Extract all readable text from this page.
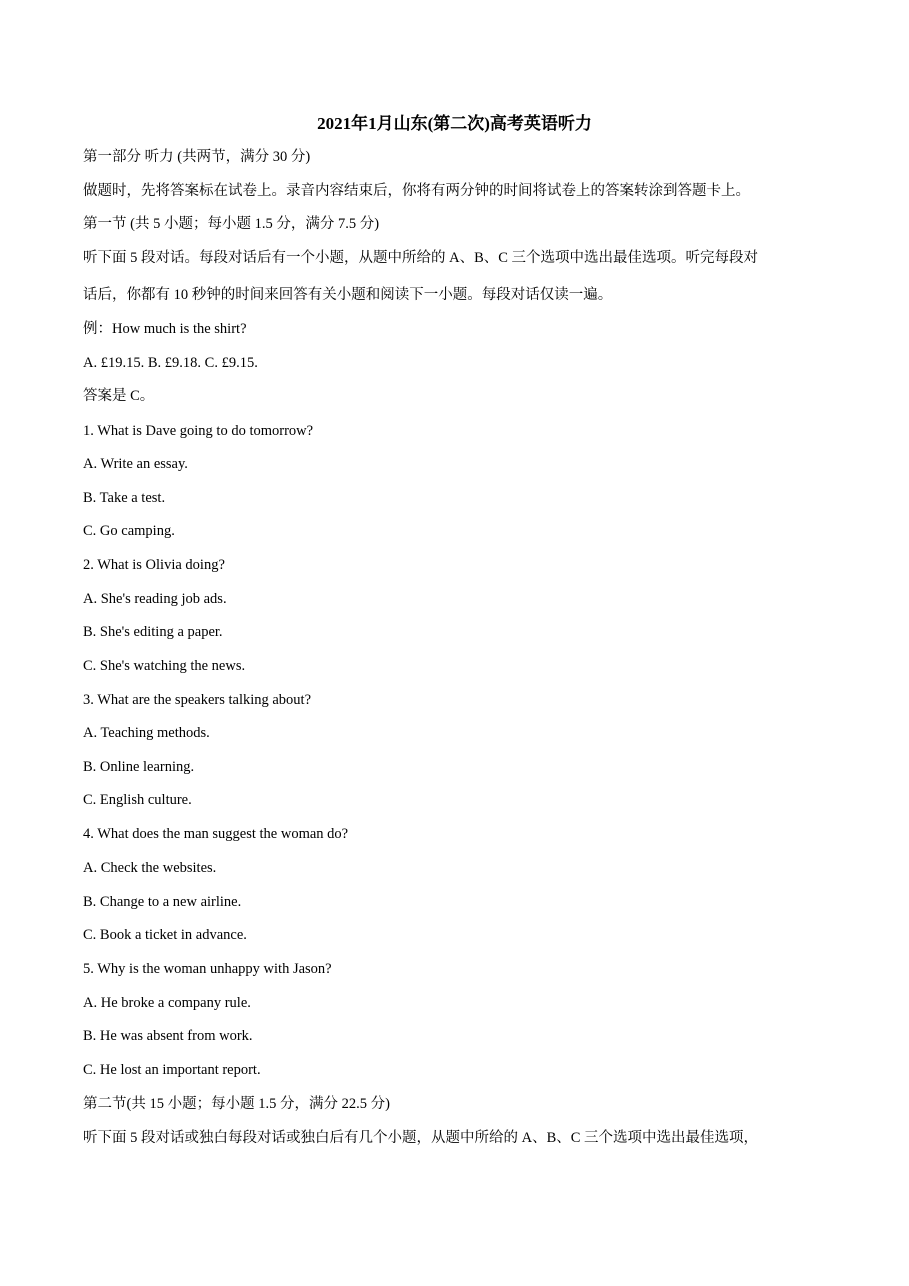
2021年1月山东(第二次)高考英语听力
第一部分 听力 (共两节，满分 30 分)
做题时，先将答案标在试卷上。录音内容结束后，你将有两分钟的时间将试卷上的答案转涂到答题卡上。
第一节 (共 5 小题；每小题 1.5 分，满分 7.5 分)
听下面 5 段对话。每段对话后有一个小题，从题中所给的 A、B、C 三个选项中选出最佳选项。听完每段对
话后，你都有 10 秒钟的时间来回答有关小题和阅读下一小题。每段对话仅读一遍。
例：How much is the shirt?
A. £19.15. B. £9.18. C. £9.15.
答案是 C。
1. What is Dave going to do tomorrow?
A. Write an essay.
B. Take a test.
C. Go camping.
2. What is Olivia doing?
A. She's reading job ads.
B. She's editing a paper.
C. She's watching the news.
3. What are the speakers talking about?
A. Teaching methods.
B. Online learning.
C. English culture.
4. What does the man suggest the woman do?
A. Check the websites.
B. Change to a new airline.
C. Book a ticket in advance.
5. Why is the woman unhappy with Jason?
A. He broke a company rule.
B. He was absent from work.
C. He lost an important report.
第二节(共 15 小题；每小题 1.5 分，满分 22.5 分)
听下面 5 段对话或独白每段对话或独白后有几个小题，从题中所给的 A、B、C 三个选项中选出最佳选项，
